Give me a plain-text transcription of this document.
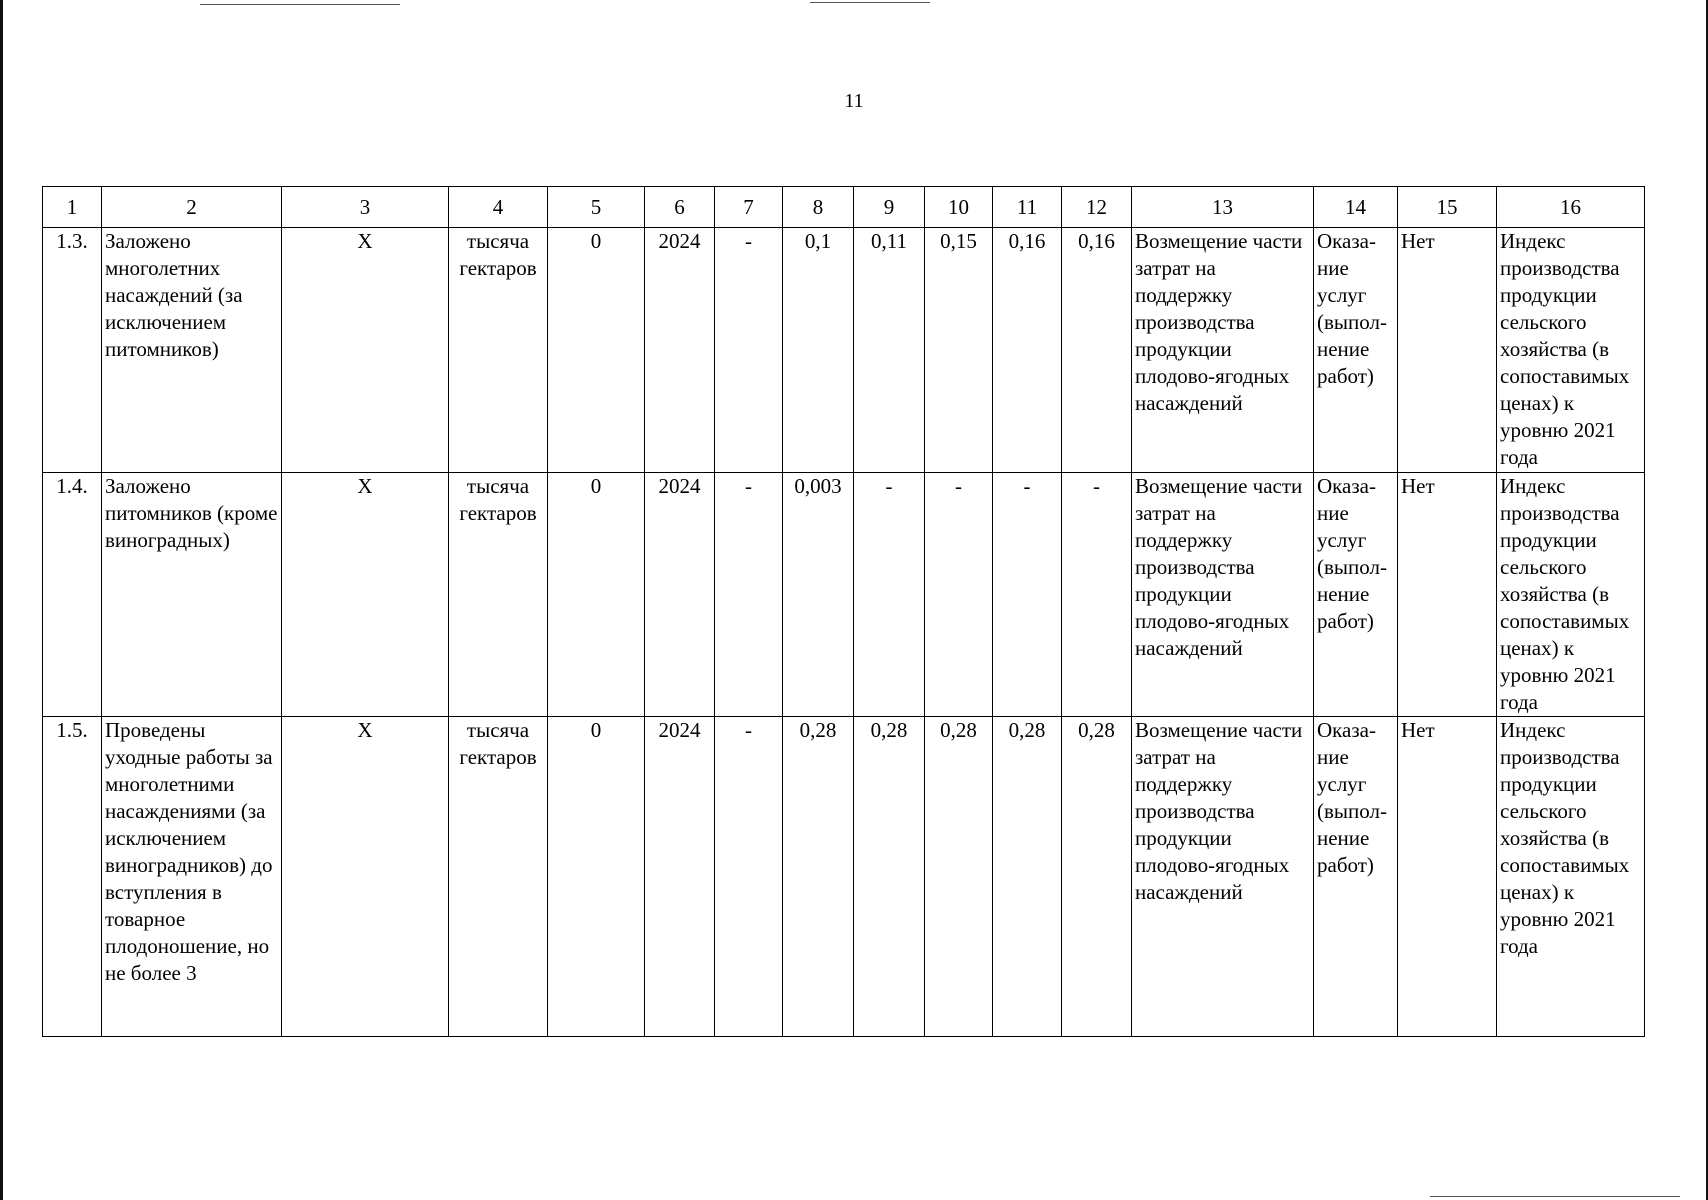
11
1	2	3	4	5	6	7	8	9	10	11	12	13	14	15	16
1.3.	Заложено многолетних насаждений (за исключением питомников)	Х	тысяча гектаров	0	2024	-	0,1	0,11	0,15	0,16	0,16	Возмещение части затрат на поддержку производства продукции плодово-ягодных насаждений	Оказа-ние услуг (выпол-нение работ)	Нет	Индекс производства продукции сельского хозяйства (в сопоставимых ценах) к уровню 2021 года
1.4.	Заложено питомников (кроме виноградных)	Х	тысяча гектаров	0	2024	-	0,003	-	-	-	-	Возмещение части затрат на поддержку производства продукции плодово-ягодных насаждений	Оказа-ние услуг (выпол-нение работ)	Нет	Индекс производства продукции сельского хозяйства (в сопоставимых ценах) к уровню 2021 года
1.5.	Проведены уходные работы за многолетними насаждениями (за исключением виноградников) до вступления в товарное плодоношение, но не более 3	Х	тысяча гектаров	0	2024	-	0,28	0,28	0,28	0,28	0,28	Возмещение части затрат на поддержку производства продукции плодово-ягодных насаждений	Оказа-ние услуг (выпол-нение работ)	Нет	Индекс производства продукции сельского хозяйства (в сопоставимых ценах) к уровню 2021 года
